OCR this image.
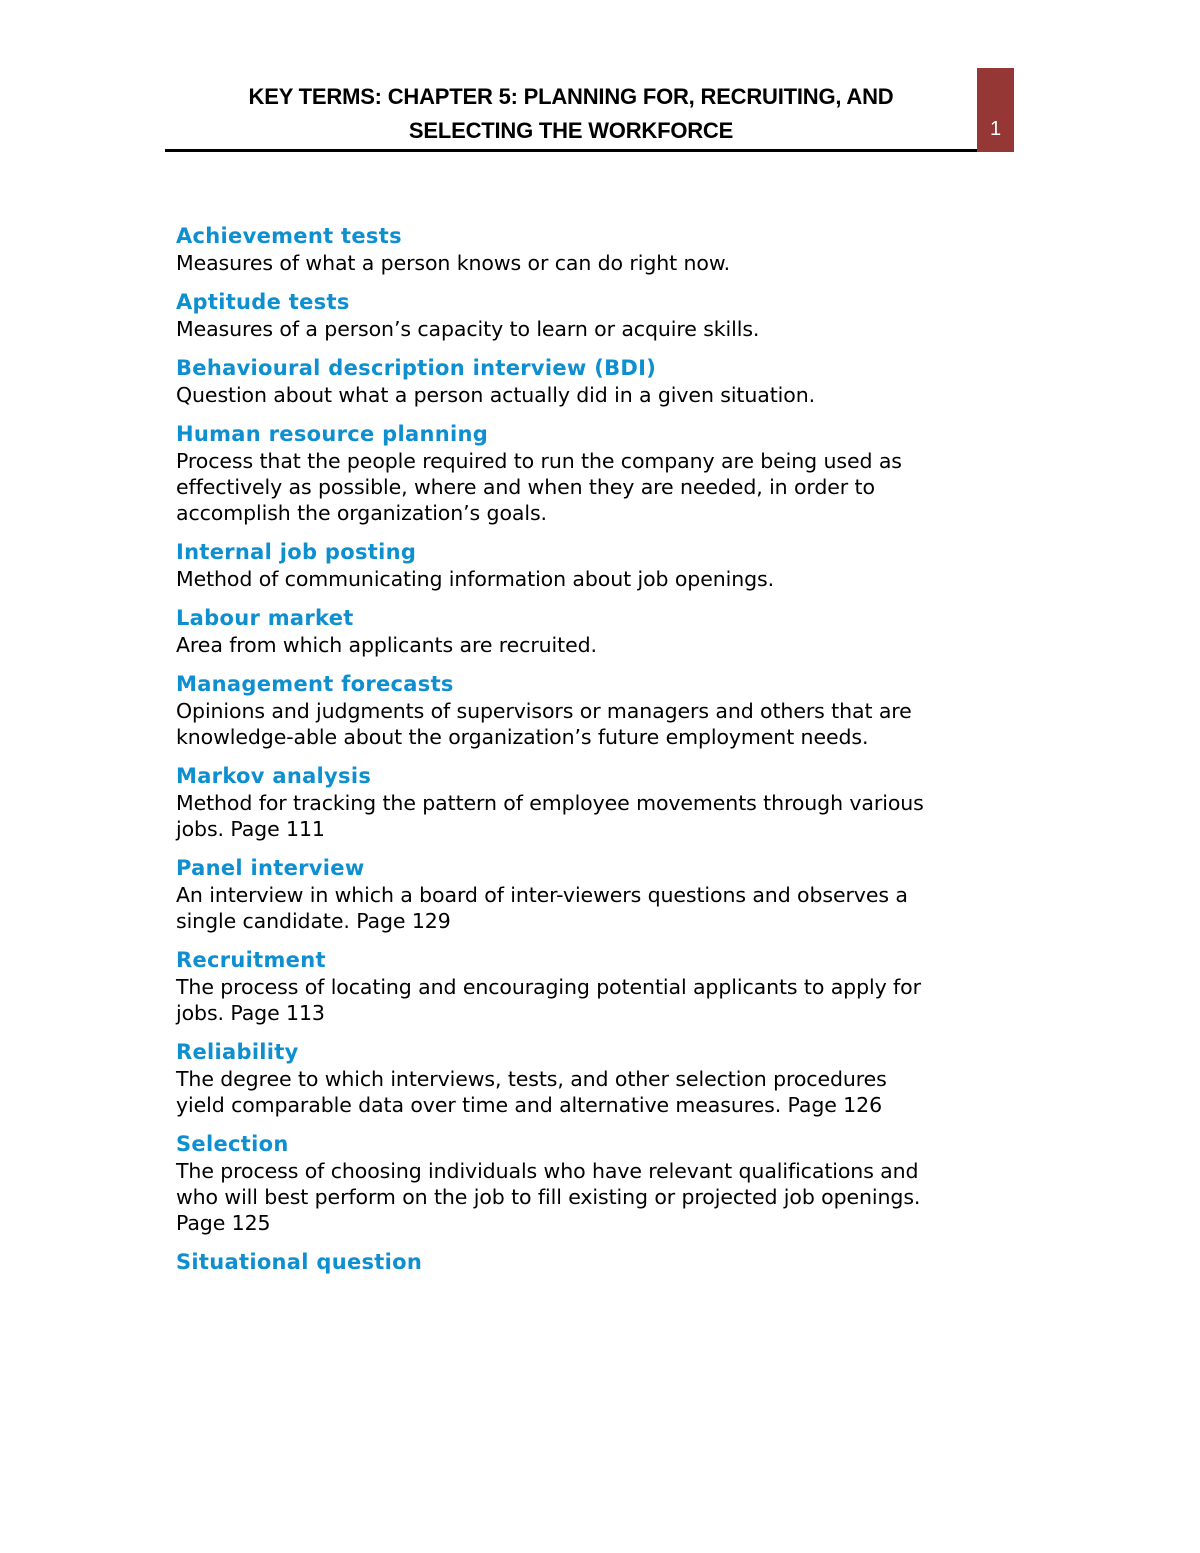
KEY TERMS: CHAPTER 5: PLANNING FOR, RECRUITING, AND
SELECTING THE WORKFORCE	1
Achievement tests
Measures of what a person knows or can do right now.
Aptitude tests
Measures of a person’s capacity to learn or acquire skills.
Behavioural description interview (BDI)
Question about what a person actually did in a given situation.
Human resource planning
Process that the people required to run the company are being used as
effectively as possible, where and when they are needed, in order to
accomplish the organization’s goals.
Internal job posting
Method of communicating information about job openings.
Labour market
Area from which applicants are recruited.
Management forecasts
Opinions and judgments of supervisors or managers and others that are
knowledge-able about the organization’s future employment needs.
Markov analysis
Method for tracking the pattern of employee movements through various
jobs. Page 111
Panel interview
An interview in which a board of inter-viewers questions and observes a
single candidate. Page 129
Recruitment
The process of locating and encouraging potential applicants to apply for
jobs. Page 113
Reliability
The degree to which interviews, tests, and other selection procedures
yield comparable data over time and alternative measures. Page 126
Selection
The process of choosing individuals who have relevant qualifications and
who will best perform on the job to fill existing or projected job openings.
Page 125
Situational question
